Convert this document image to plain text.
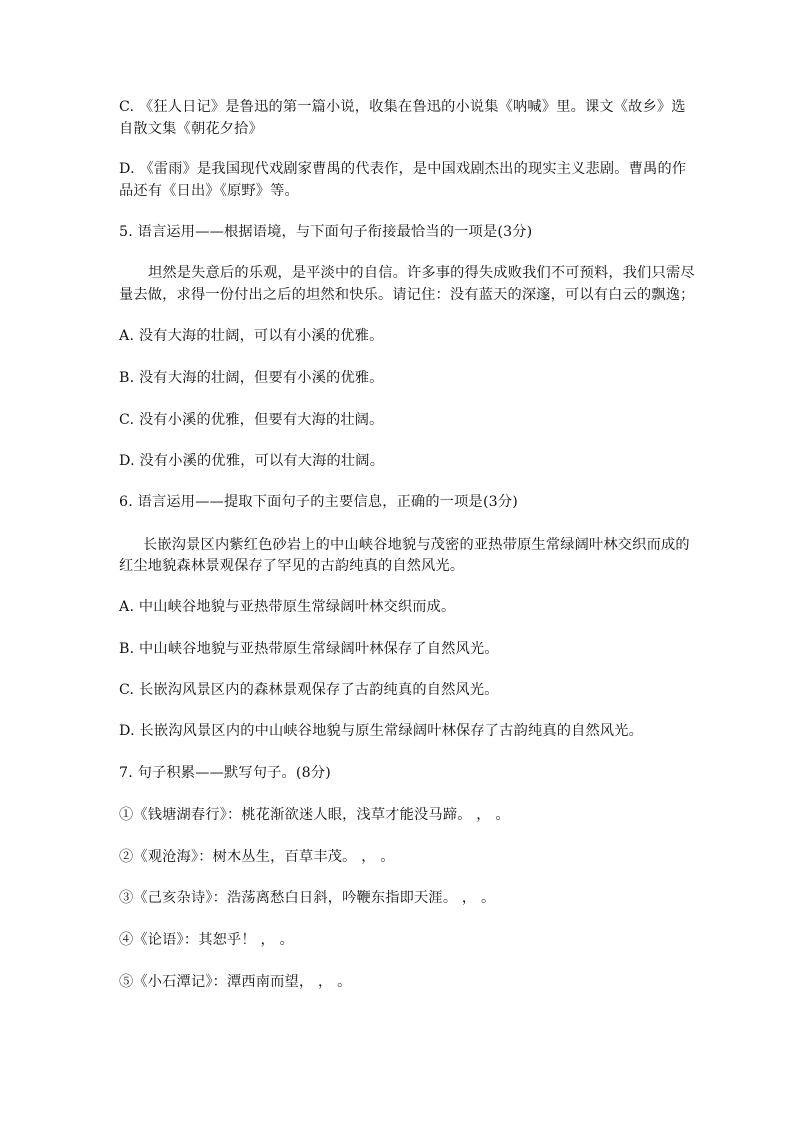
C. 《狂人日记》是鲁迅的第一篇小说，收集在鲁迅的小说集《呐喊》里。课文《故乡》选
自散文集《朝花夕拾》
D. 《雷雨》是我国现代戏剧家曹禺的代表作，是中国戏剧杰出的现实主义悲剧。曹禺的作
品还有《日出》《原野》等。
5. 语言运用——根据语境，与下面句子衔接最恰当的一项是(3分)
坦然是失意后的乐观，是平淡中的自信。许多事的得失成败我们不可预料，我们只需尽
量去做，求得一份付出之后的坦然和快乐。请记住：没有蓝天的深邃，可以有白云的飘逸；
A. 没有大海的壮阔，可以有小溪的优雅。
B. 没有大海的壮阔，但要有小溪的优雅。
C. 没有小溪的优雅，但要有大海的壮阔。
D. 没有小溪的优雅，可以有大海的壮阔。
6. 语言运用——提取下面句子的主要信息，正确的一项是(3分)
长嵌沟景区内紫红色砂岩上的中山峡谷地貌与茂密的亚热带原生常绿阔叶林交织而成的
红尘地貌森林景观保存了罕见的古韵纯真的自然风光。
A. 中山峡谷地貌与亚热带原生常绿阔叶林交织而成。
B. 中山峡谷地貌与亚热带原生常绿阔叶林保存了自然风光。
C. 长嵌沟风景区内的森林景观保存了古韵纯真的自然风光。
D. 长嵌沟风景区内的中山峡谷地貌与原生常绿阔叶林保存了古韵纯真的自然风光。
7. 句子积累——默写句子。(8分)
①《钱塘湖春行》：桃花渐欲迷人眼，浅草才能没马蹄。 ， 。
②《观沧海》：树木丛生，百草丰茂。 ， 。
③《己亥杂诗》：浩荡离愁白日斜，吟鞭东指即天涯。 ， 。
④《论语》：其恕乎！ ， 。
⑤《小石潭记》：潭西南而望， ， 。
